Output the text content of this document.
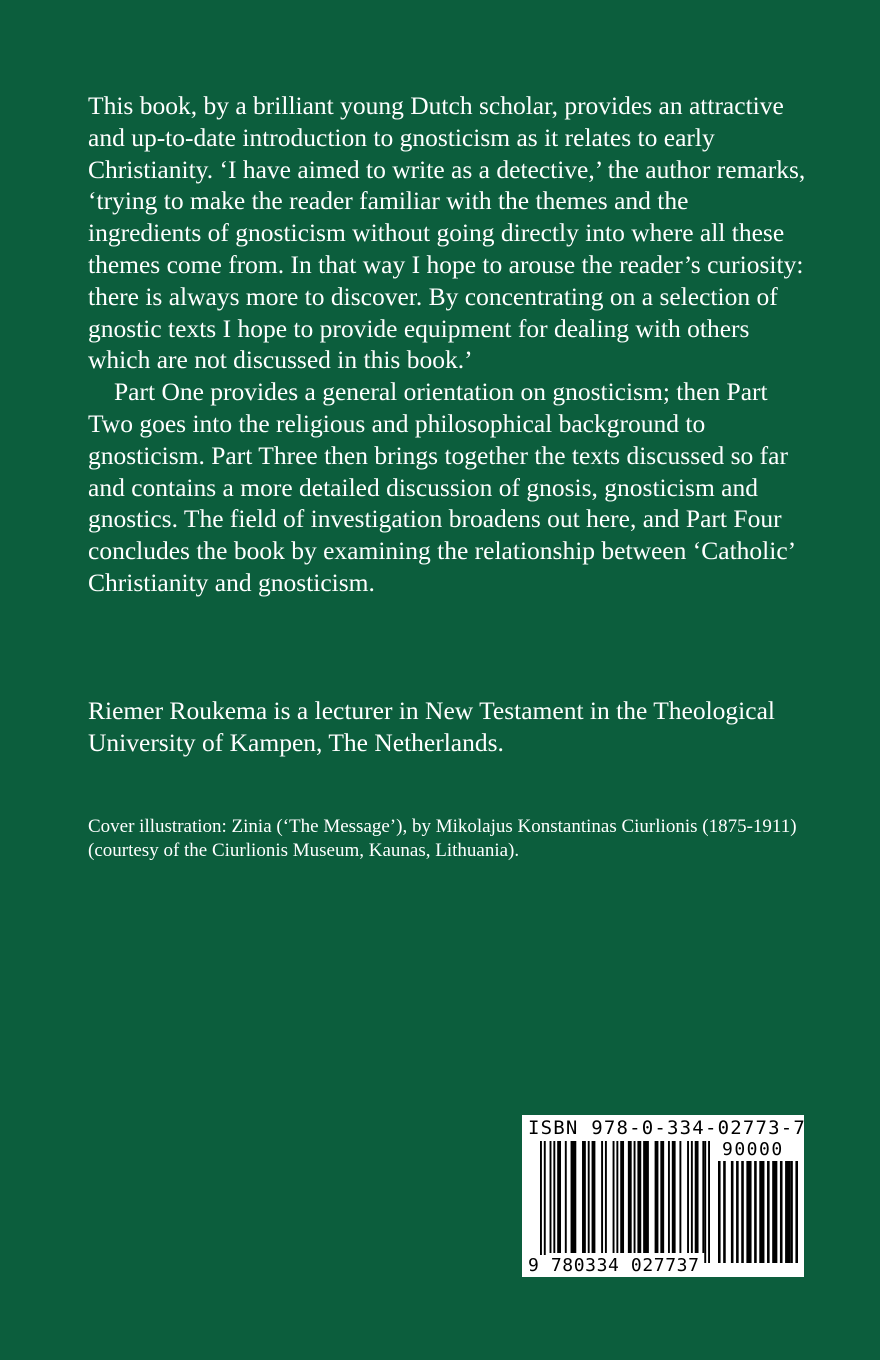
This book, by a brilliant young Dutch scholar, provides an attractive and up-to-date introduction to gnosticism as it relates to early Christianity. ‘I have aimed to write as a detective,’ the author remarks, ‘trying to make the reader familiar with the themes and the ingredients of gnosticism without going directly into where all these themes come from. In that way I hope to arouse the reader’s curiosity: there is always more to discover. By concentrating on a selection of gnostic texts I hope to provide equipment for dealing with others which are not discussed in this book.’

Part One provides a general orientation on gnosticism; then Part Two goes into the religious and philosophical background to gnosticism. Part Three then brings together the texts discussed so far and contains a more detailed discussion of gnosis, gnosticism and gnostics. The field of investigation broadens out here, and Part Four concludes the book by examining the relationship between ‘Catholic’ Christianity and gnosticism.

Riemer Roukema is a lecturer in New Testament in the Theological University of Kampen, The Netherlands.

Cover illustration: Zinia (‘The Message’), by Mikolajus Konstantinas Ciurlionis (1875-1911) (courtesy of the Ciurlionis Museum, Kaunas, Lithuania).

ISBN 978-0-334-02773-7
90000
9 780334 027737
